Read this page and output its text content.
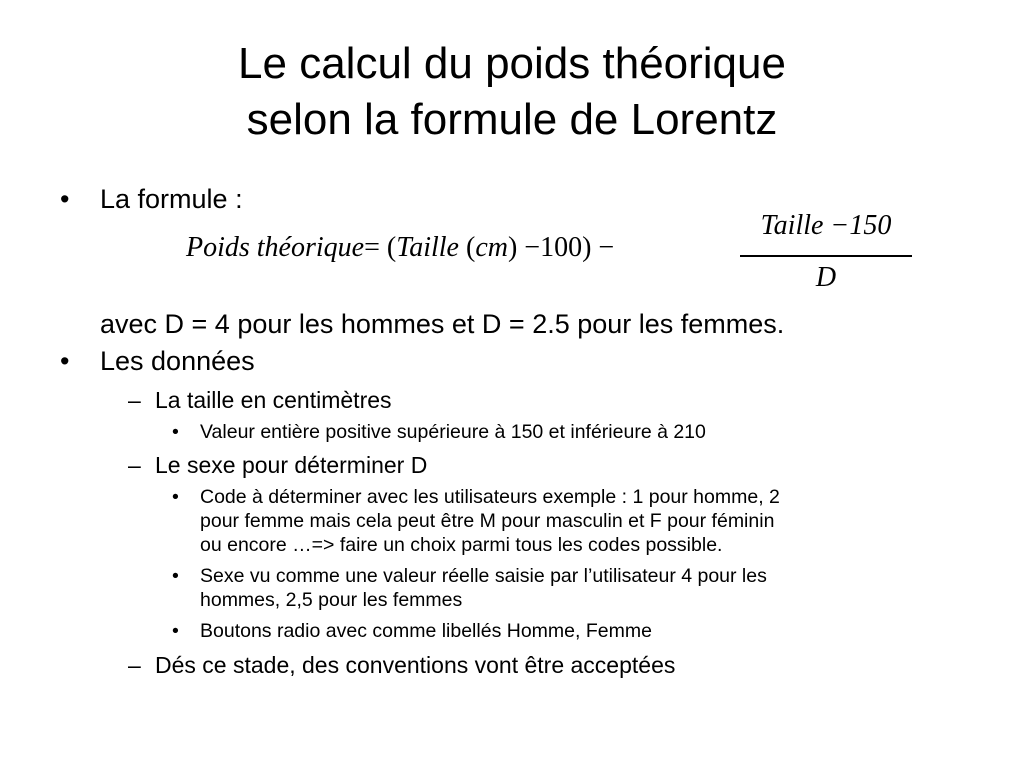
Le calcul du poids théorique
selon la formule de Lorentz
• La formule :
Poids théorique= (Taille (cm) −100) −
Taille −150
D
avec D = 4 pour les hommes et D = 2.5 pour les femmes.
• Les données
– La taille en centimètres
• Valeur entière positive supérieure à 150 et inférieure à 210
– Le sexe pour déterminer D
• Code à déterminer avec les utilisateurs exemple : 1 pour homme, 2
pour femme mais cela peut être M pour masculin et F pour féminin
ou encore …=> faire un choix parmi tous les codes possible.
• Sexe vu comme une valeur réelle saisie par l’utilisateur 4 pour les
hommes, 2,5 pour les femmes
• Boutons radio avec comme libellés Homme, Femme
– Dés ce stade, des conventions vont être acceptées
